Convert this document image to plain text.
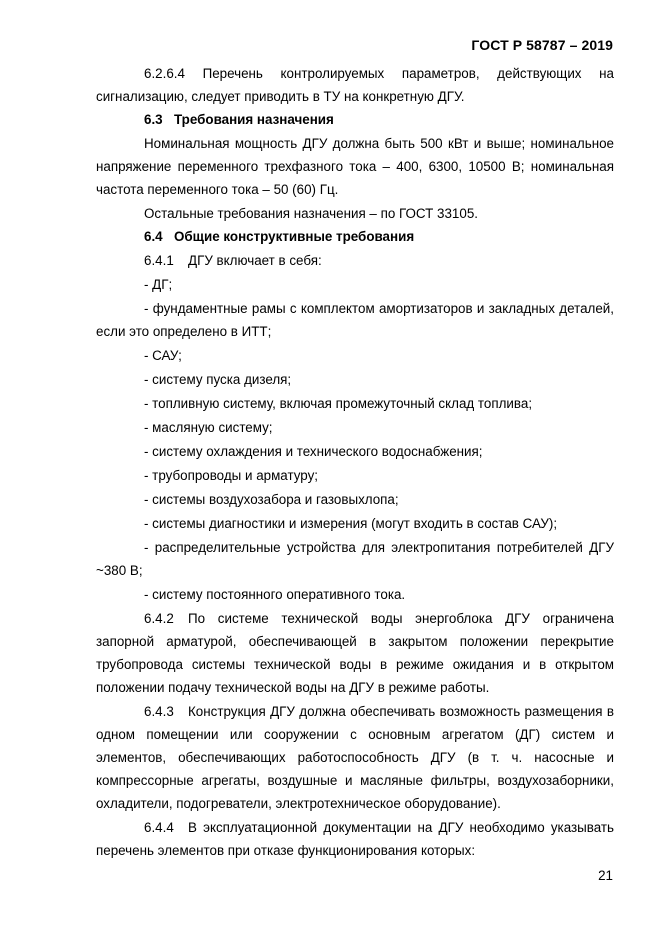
ГОСТ Р 58787 – 2019

6.2.6.4 Перечень контролируемых параметров, действующих на сигнализацию, следует приводить в ТУ на конкретную ДГУ.

6.3 Требования назначения

Номинальная мощность ДГУ должна быть 500 кВт и выше; номинальное напряжение переменного трехфазного тока – 400, 6300, 10500 В; номинальная частота переменного тока – 50 (60) Гц.

Остальные требования назначения – по ГОСТ 33105.

6.4 Общие конструктивные требования

6.4.1 ДГУ включает в себя:

- ДГ;

- фундаментные рамы с комплектом амортизаторов и закладных деталей, если это определено в ИТТ;

- САУ;

- систему пуска дизеля;

- топливную систему, включая промежуточный склад топлива;

- масляную систему;

- систему охлаждения и технического водоснабжения;

- трубопроводы и арматуру;

- системы воздухозабора и газовыхлопа;

- системы диагностики и измерения (могут входить в состав САУ);

- распределительные устройства для электропитания потребителей ДГУ ~380 В;

- систему постоянного оперативного тока.

6.4.2 По системе технической воды энергоблока ДГУ ограничена запорной арматурой, обеспечивающей в закрытом положении перекрытие трубопровода системы технической воды в режиме ожидания и в открытом положении подачу технической воды на ДГУ в режиме работы.

6.4.3 Конструкция ДГУ должна обеспечивать возможность размещения в одном помещении или сооружении с основным агрегатом (ДГ) систем и элементов, обеспечивающих работоспособность ДГУ (в т. ч. насосные и компрессорные агрегаты, воздушные и масляные фильтры, воздухозаборники, охладители, подогреватели, электротехническое оборудование).

6.4.4 В эксплуатационной документации на ДГУ необходимо указывать перечень элементов при отказе функционирования которых:

21
